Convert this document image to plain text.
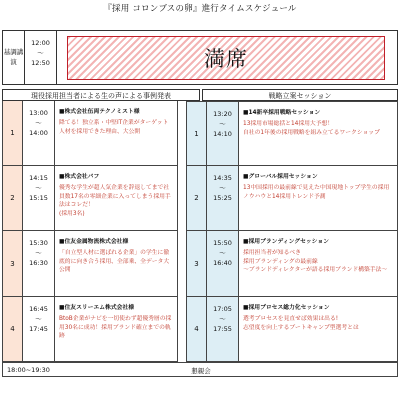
『採用 コロンブスの卵』進行タイムスケジュール
基調講演
12:00
～
12:50	満席
現役採用担当者による生の声による事例発表	戦略立案セッション
1
13:00
～
14:00
■株式会社伍両テクノミスト様
降てる！独立系・中堅IT企業がターゲット人材を採用できた理由、大公開
2
14:15
～
15:15
■株式会社パフ
優秀な学生が超人気企業を辞退してまで社員数17名の零細企業に入ってしまう採用手法はコレだ！
(採用3名)
3
15:30
～
16:30
■住友金属物流株式会社様
「自立型人材に選ばれる企業」の学生に徹底的に向き合う採用、全部乗、全データ大公開
4
16:45
～
17:45
■住友スリーエム株式会社様
BtoB企業がナビを一切使わず超優秀層の採用30名に成功！採用ブランド確立までの軌跡
1
13:20
～
14:10
■14新卒採用戦略セッション
13採用市場総括と14採用大予想！
自社の1年後の採用戦略を組み立てるワークショップ
2
14:35
～
15:25
■グローバル採用セッション
13中国採用の最前線で見えた中国現地トップ学生の採用ノウハウと14採用トレンド予測
3
15:50
～
16:40
■採用ブランディングセッション
採用担当者が知るべき
採用ブランディングの最前線
～ブランドディレクターが語る採用ブランド構築手法～
4
17:05
～
17:55
■採用プロセス総力化セッション
選考プロセスを見直せば効果は出る!
志望度を向上するブートキャンプ型選考とは
18:00~19:30	懇親会
